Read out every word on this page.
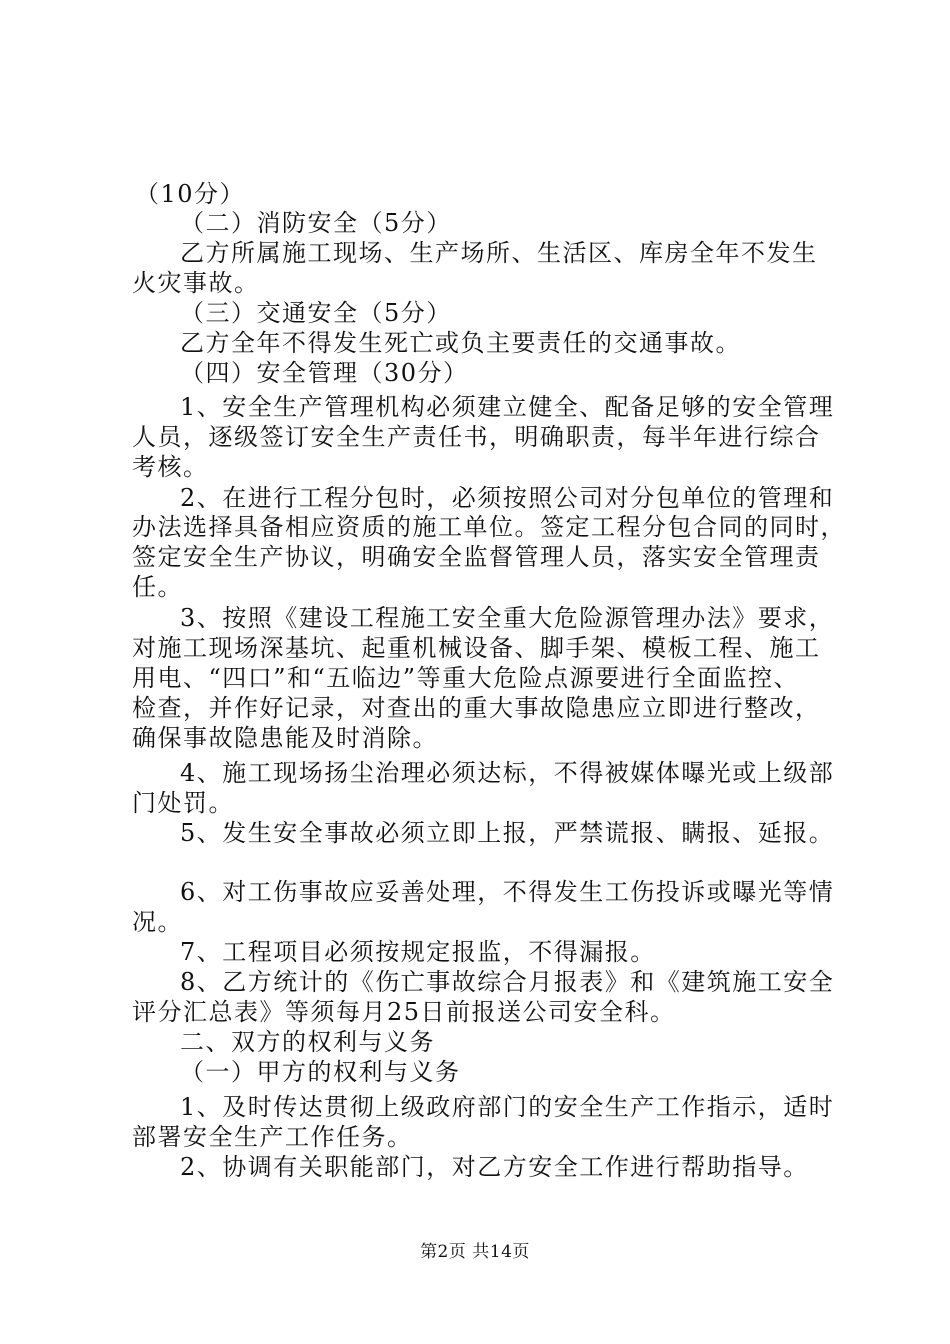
（10分）
（二）消防安全（5分）
乙方所属施工现场、生产场所、生活区、库房全年不发生
火灾事故。
（三）交通安全（5分）
乙方全年不得发生死亡或负主要责任的交通事故。
（四）安全管理（30分）
1、安全生产管理机构必须建立健全、配备足够的安全管理
人员，逐级签订安全生产责任书，明确职责，每半年进行综合
考核。
2、在进行工程分包时，必须按照公司对分包单位的管理和
办法选择具备相应资质的施工单位。签定工程分包合同的同时，
签定安全生产协议，明确安全监督管理人员，落实安全管理责
任。
3、按照《建设工程施工安全重大危险源管理办法》要求，
对施工现场深基坑、起重机械设备、脚手架、模板工程、施工
用电、“四口”和“五临边”等重大危险点源要进行全面监控、
检查，并作好记录，对查出的重大事故隐患应立即进行整改，
确保事故隐患能及时消除。
4、施工现场扬尘治理必须达标，不得被媒体曝光或上级部
门处罚。
5、发生安全事故必须立即上报，严禁谎报、瞒报、延报。
6、对工伤事故应妥善处理，不得发生工伤投诉或曝光等情
况。
7、工程项目必须按规定报监，不得漏报。
8、乙方统计的《伤亡事故综合月报表》和《建筑施工安全
评分汇总表》等须每月25日前报送公司安全科。
二、双方的权利与义务
（一）甲方的权利与义务
1、及时传达贯彻上级政府部门的安全生产工作指示，适时
部署安全生产工作任务。
2、协调有关职能部门，对乙方安全工作进行帮助指导。
第2页 共14页
